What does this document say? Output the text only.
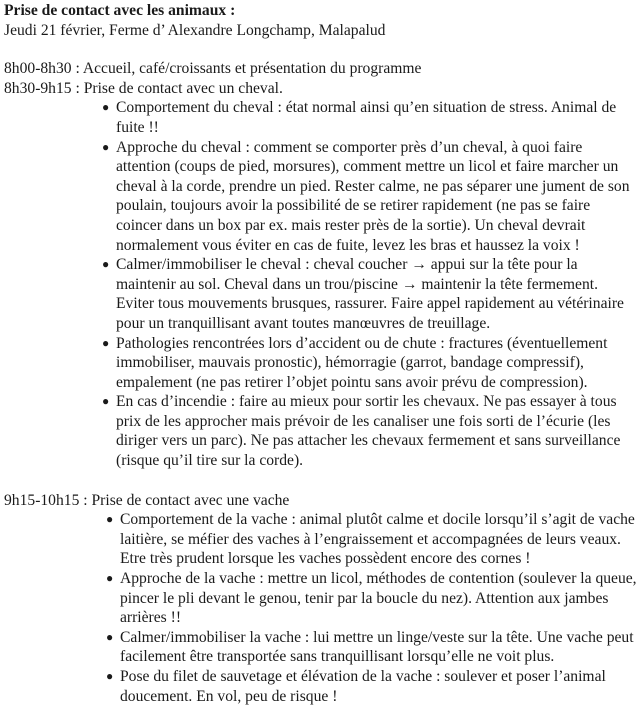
Prise de contact avec les animaux :

Jeudi 21 février, Ferme d’ Alexandre Longchamp, Malapalud

8h00-8h30 : Accueil, café/croissants et présentation du programme

8h30-9h15 : Prise de contact avec un cheval.

● Comportement du cheval : état normal ainsi qu’en situation de stress. Animal de fuite !!
● Approche du cheval : comment se comporter près d’un cheval, à quoi faire attention (coups de pied, morsures), comment mettre un licol et faire marcher un cheval à la corde, prendre un pied. Rester calme, ne pas séparer une jument de son poulain, toujours avoir la possibilité de se retirer rapidement (ne pas se faire coincer dans un box par ex. mais rester près de la sortie). Un cheval devrait normalement vous éviter en cas de fuite, levez les bras et haussez la voix !
● Calmer/immobiliser le cheval : cheval coucher → appui sur la tête pour la maintenir au sol. Cheval dans un trou/piscine → maintenir la tête fermement. Eviter tous mouvements brusques, rassurer. Faire appel rapidement au vétérinaire pour un tranquillisant avant toutes manœuvres de treuillage.
● Pathologies rencontrées lors d’accident ou de chute : fractures (éventuellement immobiliser, mauvais pronostic), hémorragie (garrot, bandage compressif), empalement (ne pas retirer l’objet pointu sans avoir prévu de compression).
● En cas d’incendie : faire au mieux pour sortir les chevaux. Ne pas essayer à tous prix de les approcher mais prévoir de les canaliser une fois sorti de l’écurie (les diriger vers un parc). Ne pas attacher les chevaux fermement et sans surveillance (risque qu’il tire sur la corde).

9h15-10h15 : Prise de contact avec une vache

● Comportement de la vache : animal plutôt calme et docile lorsqu’il s’agit de vache laitière, se méfier des vaches à l’engraissement et accompagnées de leurs veaux. Etre très prudent lorsque les vaches possèdent encore des cornes !
● Approche de la vache : mettre un licol, méthodes de contention (soulever la queue, pincer le pli devant le genou, tenir par la boucle du nez). Attention aux jambes arrières !!
● Calmer/immobiliser la vache : lui mettre un linge/veste sur la tête. Une vache peut facilement être transportée sans tranquillisant lorsqu’elle ne voit plus.
● Pose du filet de sauvetage et élévation de la vache : soulever et poser l’animal doucement. En vol, peu de risque !
